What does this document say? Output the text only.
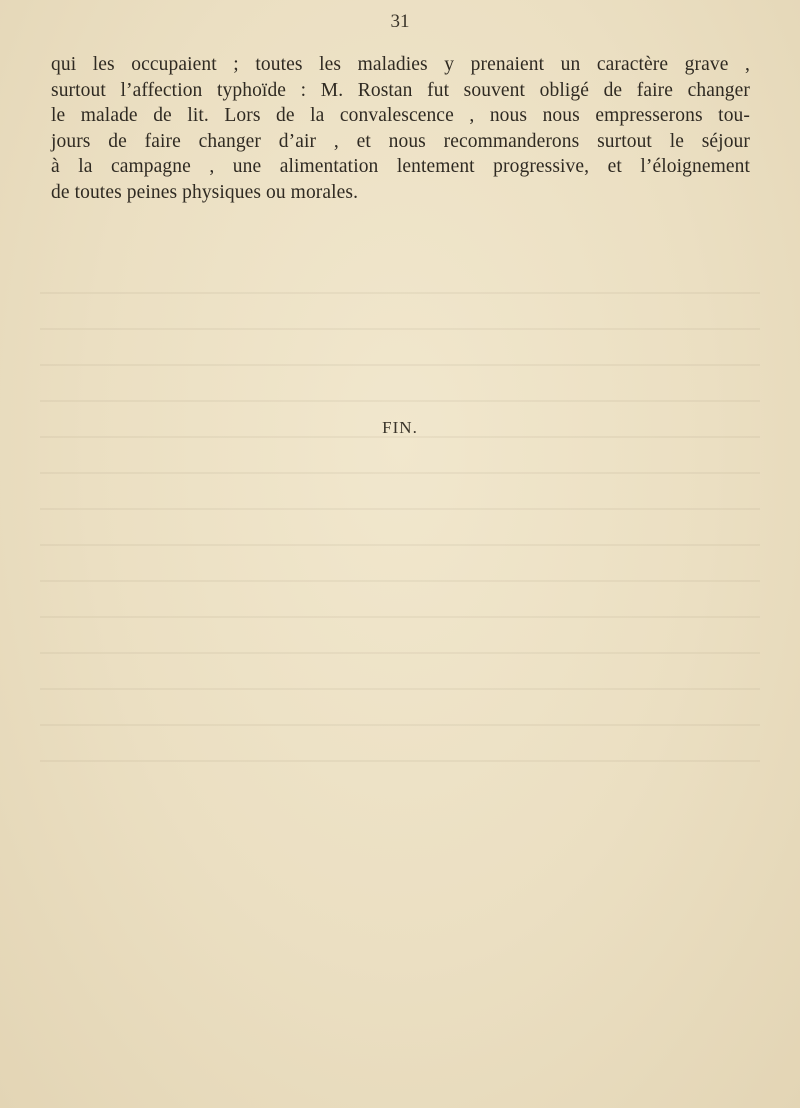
31

qui les occupaient ; toutes les maladies y prenaient un caractère grave ,
surtout l’affection typhoïde : M. Rostan fut souvent obligé de faire changer
le malade de lit. Lors de la convalescence , nous nous empresserons tou-
jours de faire changer d’air , et nous recommanderons surtout le séjour
à la campagne , une alimentation lentement progressive, et l’éloignement
de toutes peines physiques ou morales.

FIN.
